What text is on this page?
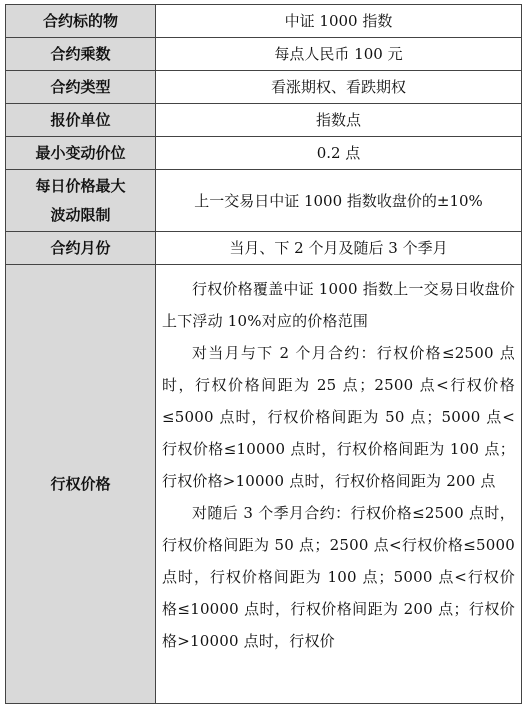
合约标的物	中证 1000 指数
合约乘数	每点人民币 100 元
合约类型	看涨期权、看跌期权
报价单位	指数点
最小变动价位	0.2 点

每日价格最大
波动限制	上一交易日中证 1000 指数收盘价的±10%
合约月份	当月、下 2 个月及随后 3 个季月
行权价格	行权价格覆盖中证 1000 指数上一交易日收盘价上下浮动 10%对应的价格范围

对当月与下 2 个月合约：行权价格≤2500 点时，行权价格间距为 25 点；2500 点<行权价格≤5000 点时，行权价格间距为 50 点；5000 点<行权价格≤10000 点时，行权价格间距为 100 点；行权价格>10000 点时，行权价格间距为 200 点

对随后 3 个季月合约：行权价格≤2500 点时，行权价格间距为 50 点；2500 点<行权价格≤5000 点时，行权价格间距为 100 点；5000 点<行权价格≤10000 点时，行权价格间距为 200 点；行权价格>10000 点时，行权价
